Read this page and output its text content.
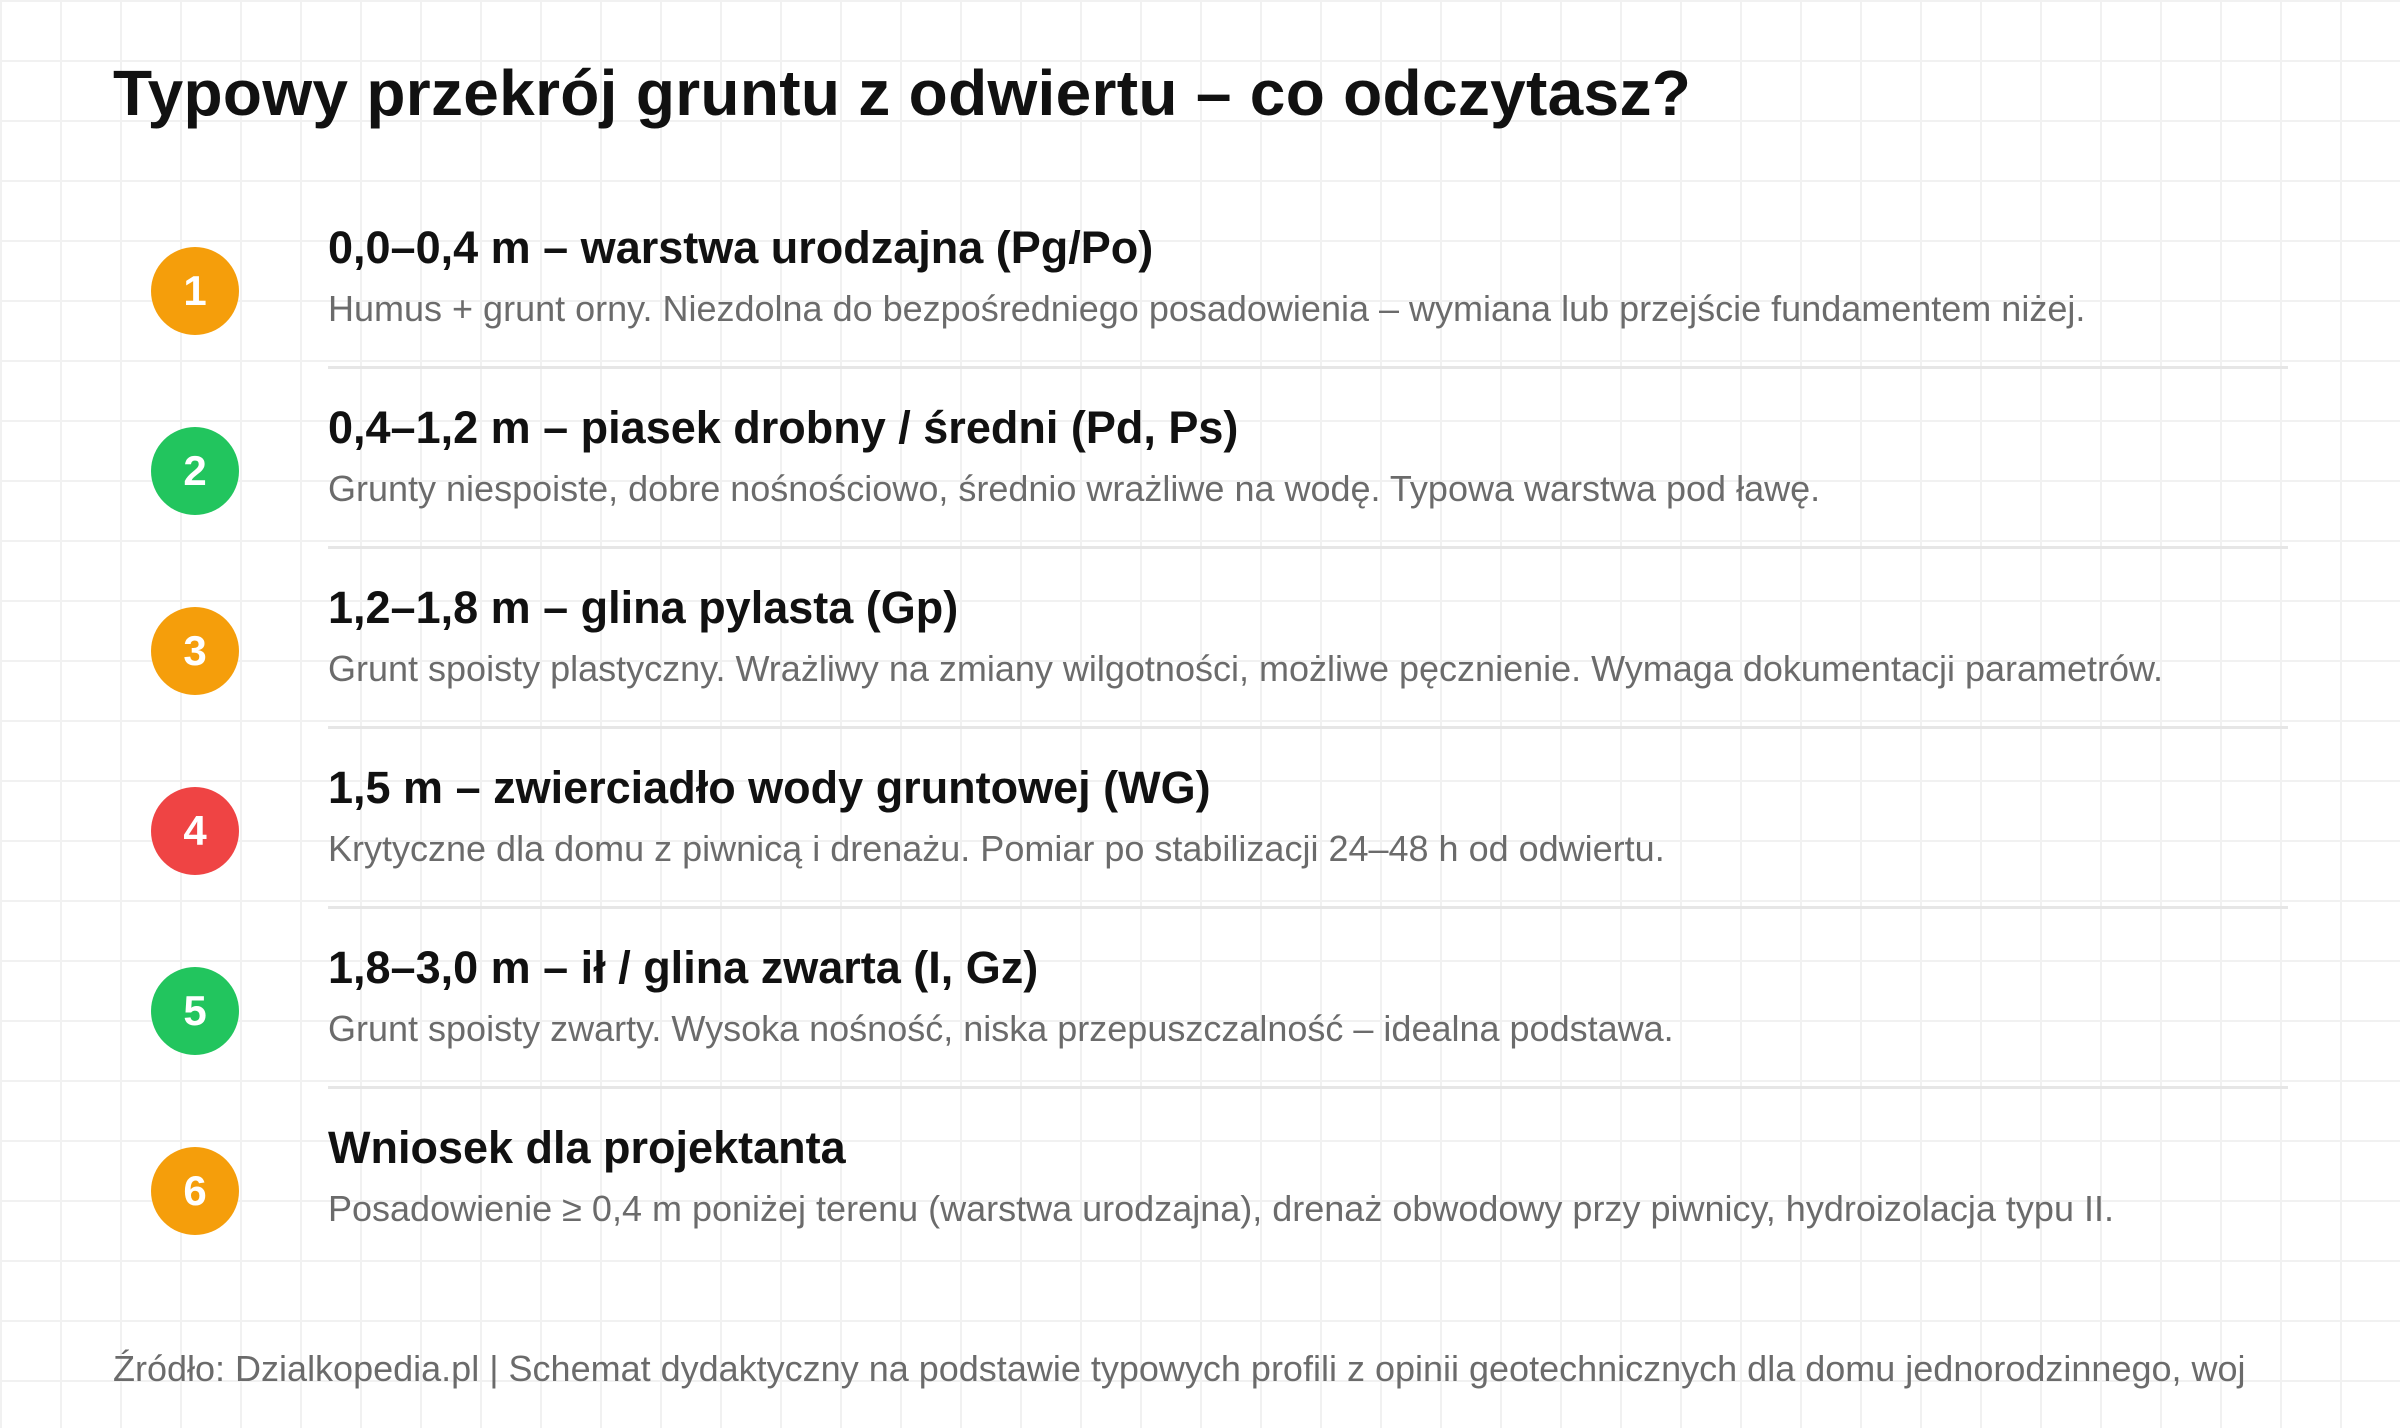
Typowy przekrój gruntu z odwiertu – co odczytasz?
1
0,0–0,4 m – warstwa urodzajna (Pg/Po)

Humus + grunt orny. Niezdolna do bezpośredniego posadowienia – wymiana lub przejście fundamentem niżej.

2
0,4–1,2 m – piasek drobny / średni (Pd, Ps)

Grunty niespoiste, dobre nośnościowo, średnio wrażliwe na wodę. Typowa warstwa pod ławę.

3
1,2–1,8 m – glina pylasta (Gp)

Grunt spoisty plastyczny. Wrażliwy na zmiany wilgotności, możliwe pęcznienie. Wymaga dokumentacji parametrów.

4
1,5 m – zwierciadło wody gruntowej (WG)

Krytyczne dla domu z piwnicą i drenażu. Pomiar po stabilizacji 24–48 h od odwiertu.

5
1,8–3,0 m – ił / glina zwarta (I, Gz)

Grunt spoisty zwarty. Wysoka nośność, niska przepuszczalność – idealna podstawa.

6
Wniosek dla projektanta

Posadowienie ≥ 0,4 m poniżej terenu (warstwa urodzajna), drenaż obwodowy przy piwnicy, hydroizolacja typu II.

Źródło: Dzialkopedia.pl | Schemat dydaktyczny na podstawie typowych profili z opinii geotechnicznych dla domu jednorodzinnego, woj
